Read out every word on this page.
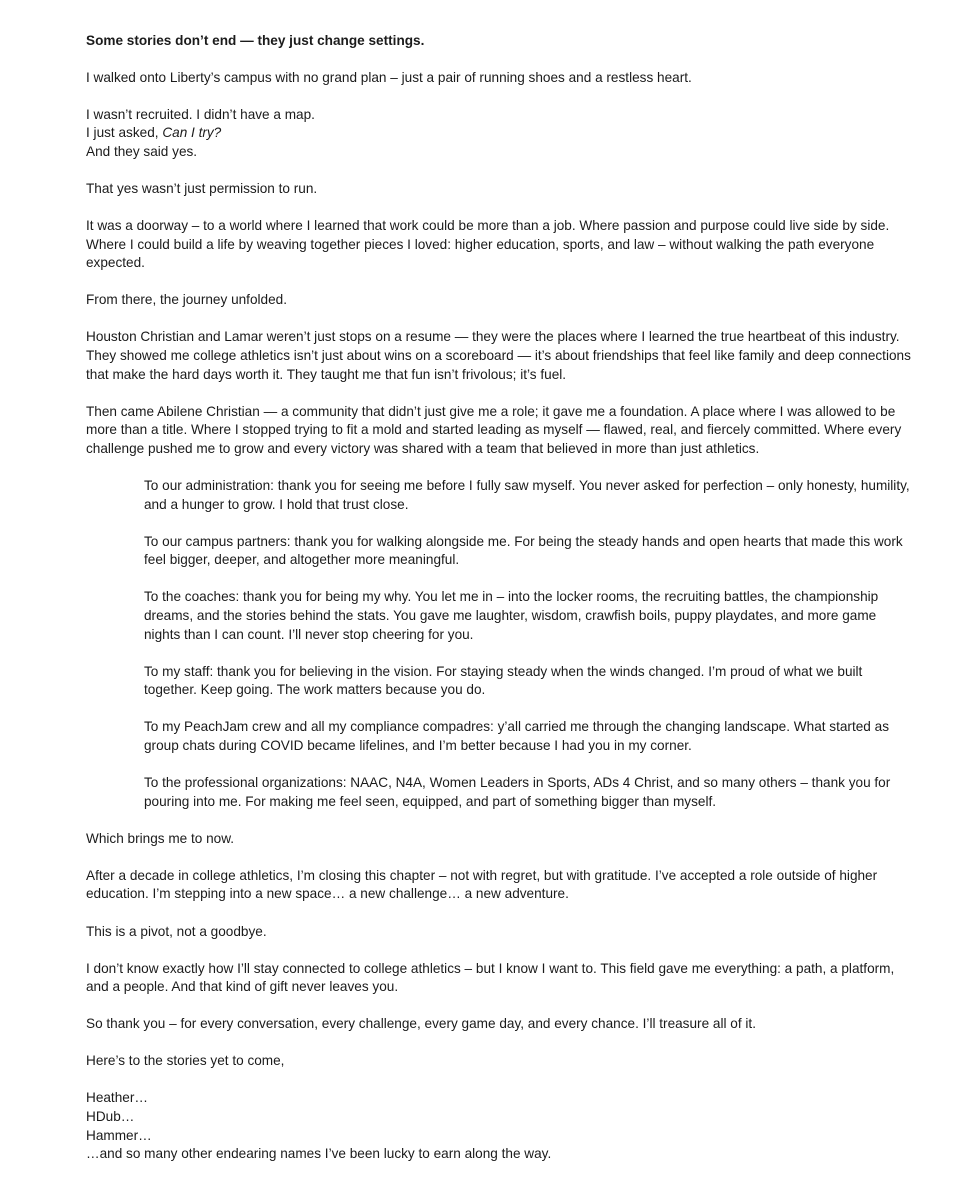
Some stories don’t end — they just change settings.

I walked onto Liberty’s campus with no grand plan – just a pair of running shoes and a restless heart.

I wasn’t recruited. I didn’t have a map.

I just asked, Can I try?

And they said yes.

That yes wasn’t just permission to run.

It was a doorway – to a world where I learned that work could be more than a job. Where passion and purpose could live side by side. Where I could build a life by weaving together pieces I loved: higher education, sports, and law – without walking the path everyone expected.

From there, the journey unfolded.

Houston Christian and Lamar weren’t just stops on a resume — they were the places where I learned the true heartbeat of this industry. They showed me college athletics isn’t just about wins on a scoreboard — it’s about friendships that feel like family and deep connections that make the hard days worth it. They taught me that fun isn’t frivolous; it’s fuel.

Then came Abilene Christian — a community that didn’t just give me a role; it gave me a foundation. A place where I was allowed to be more than a title. Where I stopped trying to fit a mold and started leading as myself — flawed, real, and fiercely committed. Where every challenge pushed me to grow and every victory was shared with a team that believed in more than just athletics.

To our administration: thank you for seeing me before I fully saw myself. You never asked for perfection – only honesty, humility, and a hunger to grow. I hold that trust close.

To our campus partners: thank you for walking alongside me. For being the steady hands and open hearts that made this work feel bigger, deeper, and altogether more meaningful.

To the coaches: thank you for being my why. You let me in – into the locker rooms, the recruiting battles, the championship dreams, and the stories behind the stats. You gave me laughter, wisdom, crawfish boils, puppy playdates, and more game nights than I can count. I’ll never stop cheering for you.

To my staff: thank you for believing in the vision. For staying steady when the winds changed. I’m proud of what we built together. Keep going. The work matters because you do.

To my PeachJam crew and all my compliance compadres: y’all carried me through the changing landscape. What started as group chats during COVID became lifelines, and I’m better because I had you in my corner.

To the professional organizations: NAAC, N4A, Women Leaders in Sports, ADs 4 Christ, and so many others – thank you for pouring into me. For making me feel seen, equipped, and part of something bigger than myself.

Which brings me to now.

After a decade in college athletics, I’m closing this chapter – not with regret, but with gratitude. I’ve accepted a role outside of higher education. I’m stepping into a new space… a new challenge… a new adventure.

This is a pivot, not a goodbye.

I don’t know exactly how I’ll stay connected to college athletics – but I know I want to. This field gave me everything: a path, a platform, and a people. And that kind of gift never leaves you.

So thank you – for every conversation, every challenge, every game day, and every chance. I’ll treasure all of it.

Here’s to the stories yet to come,

Heather…

HDub…

Hammer…

…and so many other endearing names I’ve been lucky to earn along the way.
